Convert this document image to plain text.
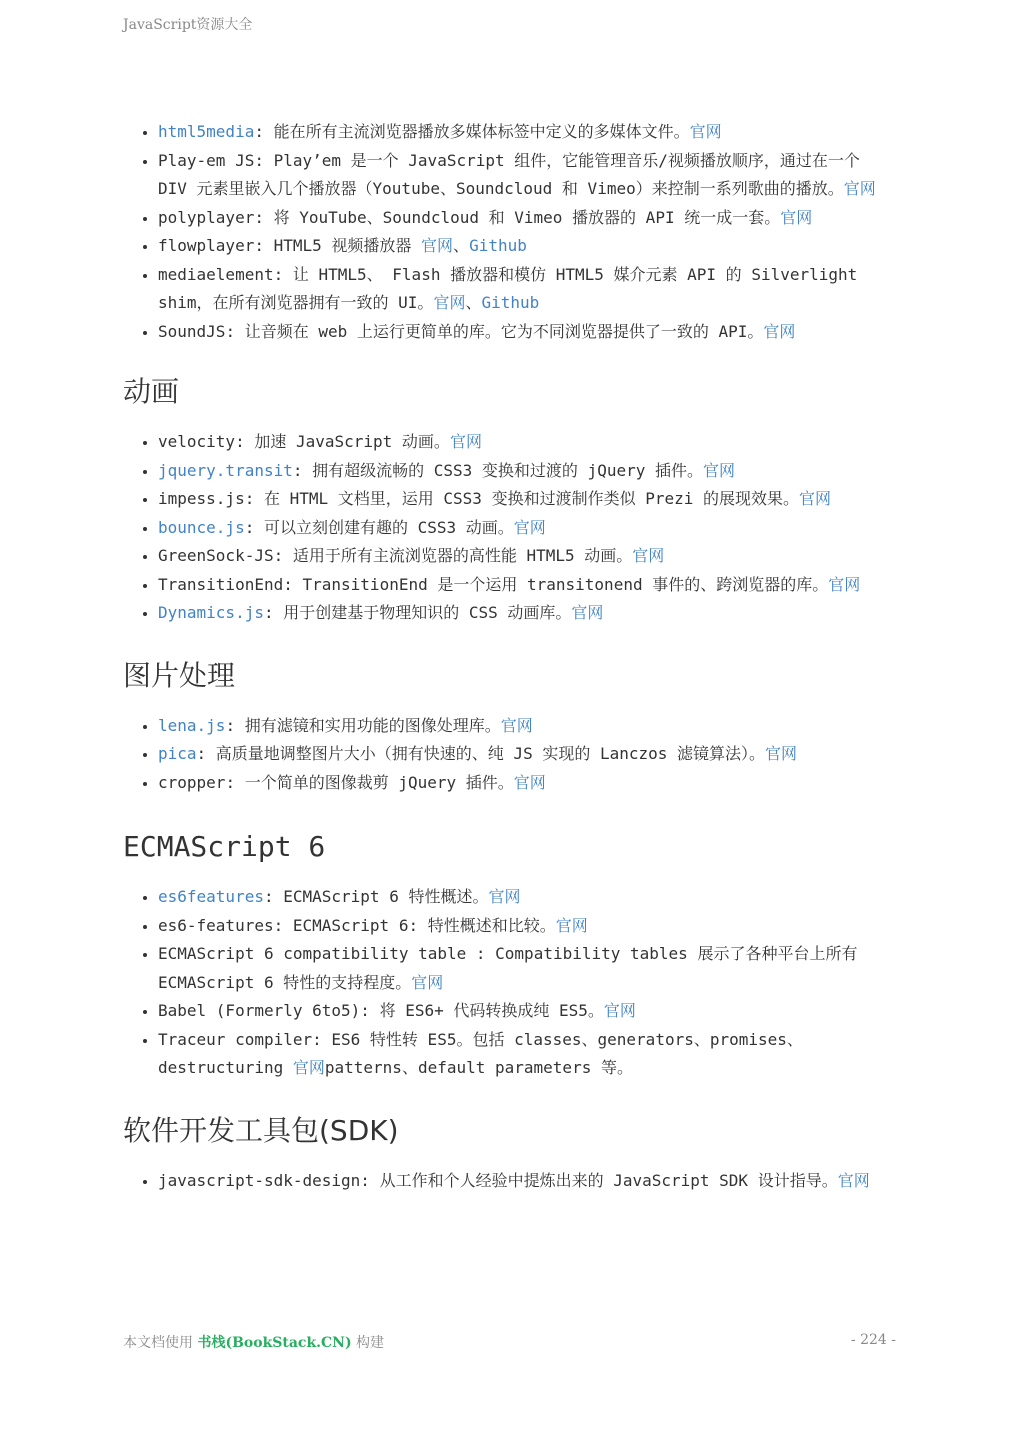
JavaScript资源大全
• html5media: 能在所有主流浏览器播放多媒体标签中定义的多媒体文件。官网
• Play-em JS: Play’em 是一个 JavaScript 组件，它能管理音乐/视频播放顺序，通过在一个 DIV 元素里嵌入几个播放器（Youtube、Soundcloud 和 Vimeo）来控制一系列歌曲的播放。官网
• polyplayer: 将 YouTube、Soundcloud 和 Vimeo 播放器的 API 统一成一套。官网
• flowplayer: HTML5 视频播放器 官网、Github
• mediaelement: 让 HTML5、 Flash 播放器和模仿 HTML5 媒介元素 API 的 Silverlight shim，在所有浏览器拥有一致的 UI。官网、Github
• SoundJS: 让音频在 web 上运行更简单的库。它为不同浏览器提供了一致的 API。官网
动画
• velocity: 加速 JavaScript 动画。官网
• jquery.transit: 拥有超级流畅的 CSS3 变换和过渡的 jQuery 插件。官网
• impess.js: 在 HTML 文档里，运用 CSS3 变换和过渡制作类似 Prezi 的展现效果。官网
• bounce.js: 可以立刻创建有趣的 CSS3 动画。官网
• GreenSock-JS: 适用于所有主流浏览器的高性能 HTML5 动画。官网
• TransitionEnd: TransitionEnd 是一个运用 transitonend 事件的、跨浏览器的库。官网
• Dynamics.js: 用于创建基于物理知识的 CSS 动画库。官网
图片处理
• lena.js: 拥有滤镜和实用功能的图像处理库。官网
• pica: 高质量地调整图片大小（拥有快速的、纯 JS 实现的 Lanczos 滤镜算法）。官网
• cropper: 一个简单的图像裁剪 jQuery 插件。官网
ECMAScript 6
• es6features: ECMAScript 6 特性概述。官网
• es6-features: ECMAScript 6: 特性概述和比较。官网
• ECMAScript 6 compatibility table : Compatibility tables 展示了各种平台上所有 ECMAScript 6 特性的支持程度。官网
• Babel (Formerly 6to5): 将 ES6+ 代码转换成纯 ES5。官网
• Traceur compiler: ES6 特性转 ES5。包括 classes、generators、promises、destructuring 官网patterns、default parameters 等。
软件开发工具包(SDK)
• javascript-sdk-design: 从工作和个人经验中提炼出来的 JavaScript SDK 设计指导。官网
本文档使用 书栈(BookStack.CN) 构建	- 224 -
